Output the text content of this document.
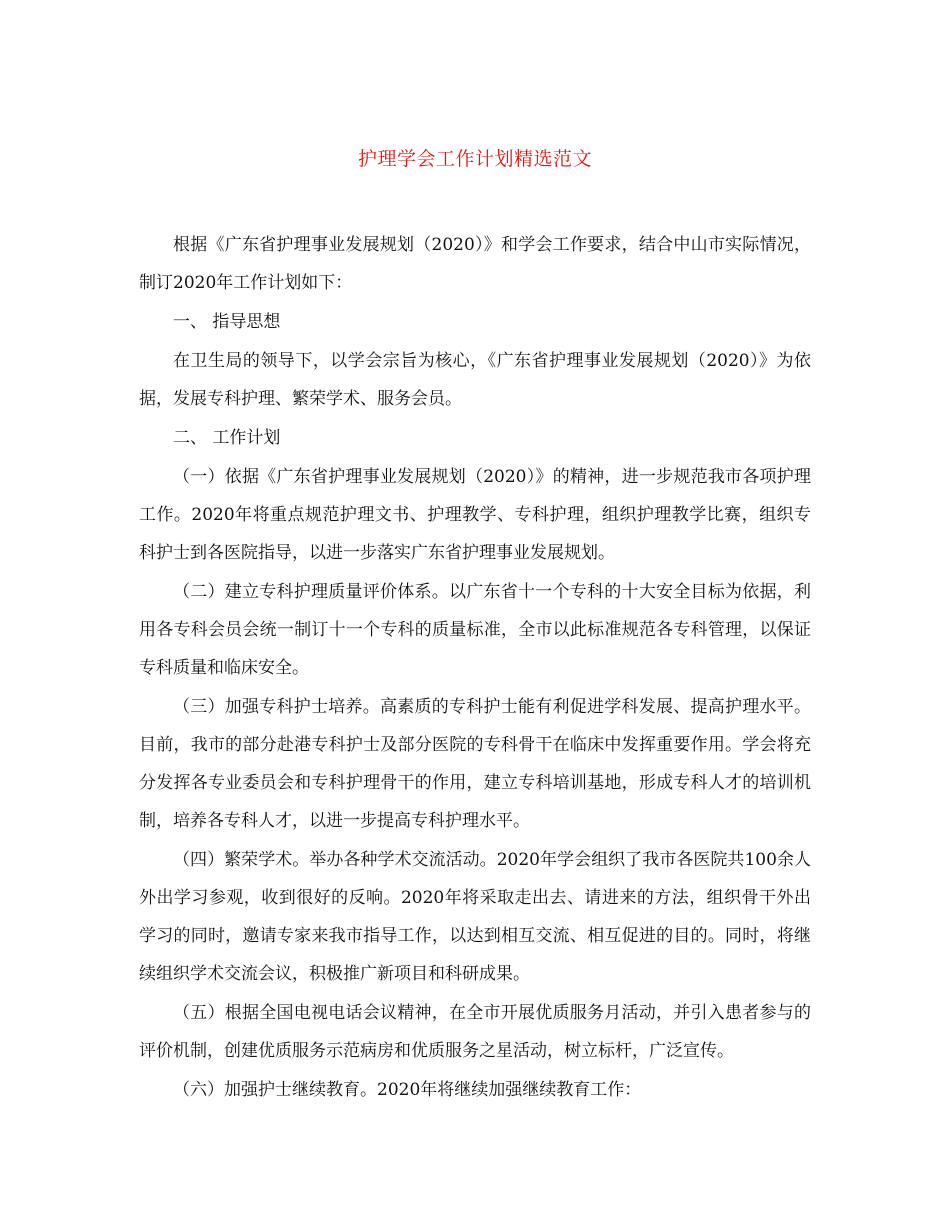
护理学会工作计划精选范文

根据《广东省护理事业发展规划（2020）》和学会工作要求，结合中山市实际情况，制订2020年工作计划如下：

一、 指导思想

在卫生局的领导下，以学会宗旨为核心，《广东省护理事业发展规划（2020）》为依据，发展专科护理、繁荣学术、服务会员。

二、 工作计划

（一）依据《广东省护理事业发展规划（2020）》的精神，进一步规范我市各项护理工作。2020年将重点规范护理文书、护理教学、专科护理，组织护理教学比赛，组织专科护士到各医院指导，以进一步落实广东省护理事业发展规划。

（二）建立专科护理质量评价体系。以广东省十一个专科的十大安全目标为依据，利用各专科会员会统一制订十一个专科的质量标准，全市以此标准规范各专科管理，以保证专科质量和临床安全。

（三）加强专科护士培养。高素质的专科护士能有利促进学科发展、提高护理水平。目前，我市的部分赴港专科护士及部分医院的专科骨干在临床中发挥重要作用。学会将充分发挥各专业委员会和专科护理骨干的作用，建立专科培训基地，形成专科人才的培训机制，培养各专科人才，以进一步提高专科护理水平。

（四）繁荣学术。举办各种学术交流活动。2020年学会组织了我市各医院共100余人外出学习参观，收到很好的反响。2020年将采取走出去、请进来的方法，组织骨干外出学习的同时，邀请专家来我市指导工作，以达到相互交流、相互促进的目的。同时，将继续组织学术交流会议，积极推广新项目和科研成果。

（五）根据全国电视电话会议精神，在全市开展优质服务月活动，并引入患者参与的评价机制，创建优质服务示范病房和优质服务之星活动，树立标杆，广泛宣传。

（六）加强护士继续教育。2020年将继续加强继续教育工作：
